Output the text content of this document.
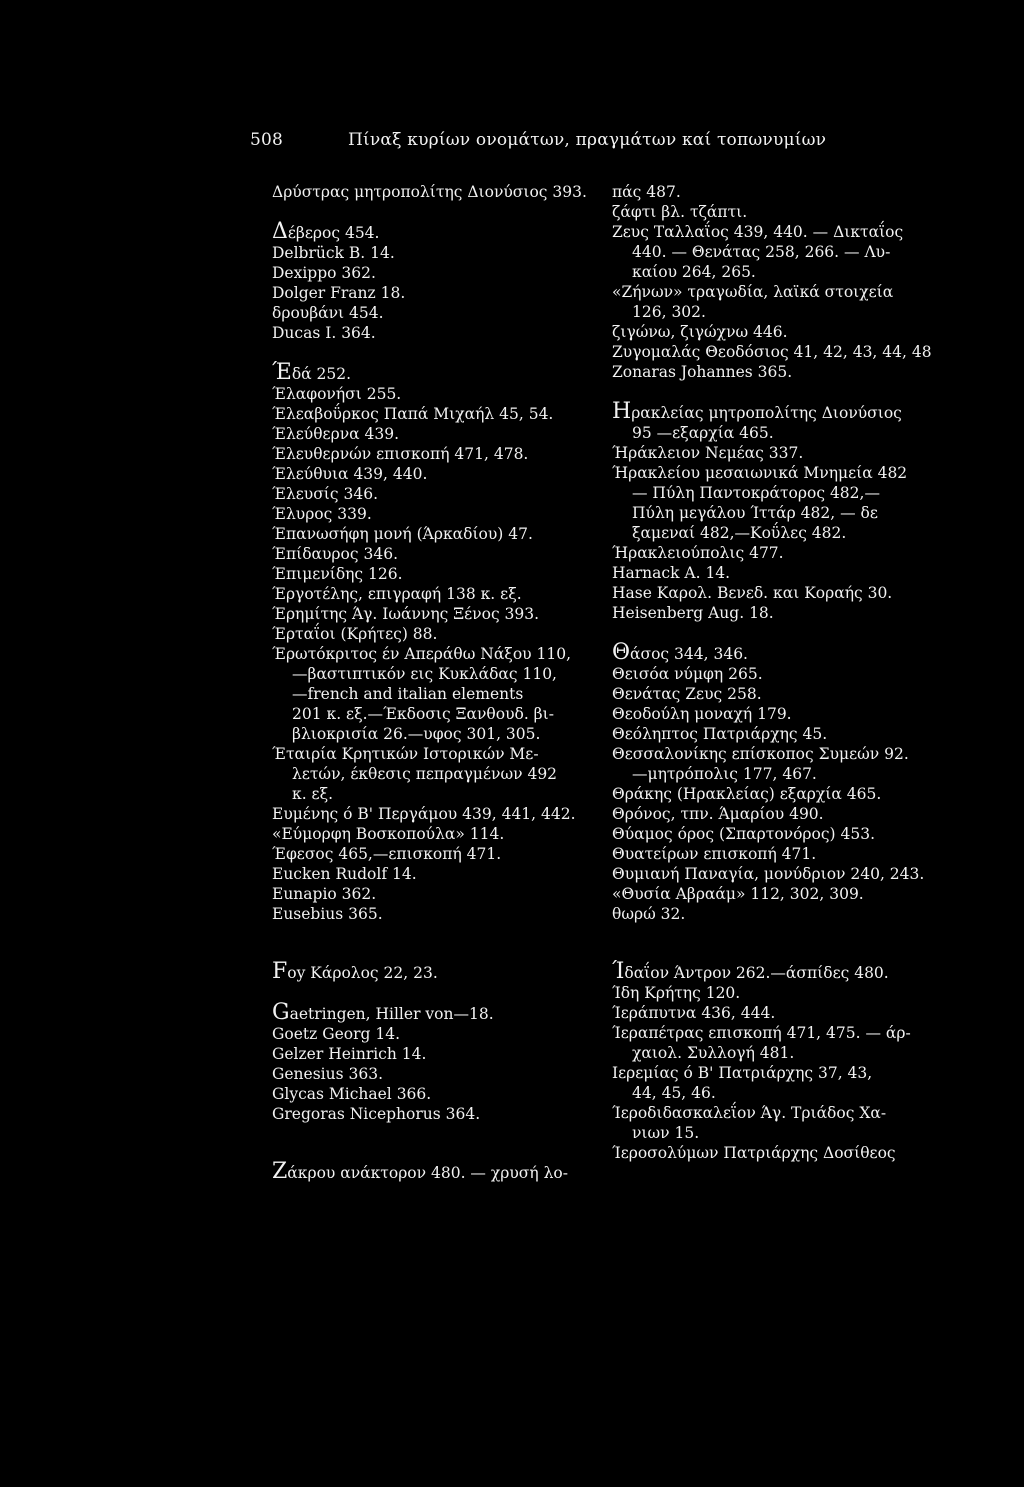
508	Πίναξ κυρίων ονομάτων, πραγμάτων καί τοπωνυμίων
Δρύστρας μητροπολίτης Διονύσιος 393.
Δέβερος 454.
Delbrück B. 14.
Dexippo 362.
Dolger Franz 18.
δρουβάνι 454.
Ducas I. 364.
Έδά 252.
Έλαφονήσι 255.
Έλεαβοΰρκος Παπά Μιχαήλ 45, 54.
Έλεύθερνα 439.
Έλευθερνών επισκοπή 471, 478.
Έλεύθυια 439, 440.
Έλευσίς 346.
Έλυρος 339.
Έπανωσήφη μονή (Άρκαδίου) 47.
Έπίδαυρος 346.
Έπιμενίδης 126.
Έργοτέλης, επιγραφή 138 κ. εξ.
Έρημίτης Άγ. Ιωάννης Ξένος 393.
Έρταΐοι (Κρήτες) 88.
Έρωτόκριτος έν Απεράθω Νάξου 110,
—βαστιπτικόν εις Κυκλάδας 110,
—french and italian elements
201 κ. εξ.—Έκδοσις Ξανθουδ. βι-
βλιοκρισία 26.—υφος 301, 305.
Έταιρία Κρητικών Ιστορικών Με-
λετών, έκθεσις πεπραγμένων 492
κ. εξ.
Ευμένης ό Β' Περγάμου 439, 441, 442.
«Εύμορφη Βοσκοπούλα» 114.
Έφεσος 465,—επισκοπή 471.
Eucken Rudolf 14.
Eunapio 362.
Eusebius 365.
Foy Κάρολος 22, 23.
Gaetringen, Hiller von—18.
Goetz Georg 14.
Gelzer Heinrich 14.
Genesius 363.
Glycas Michael 366.
Gregoras Nicephorus 364.
Ζάκρου ανάκτορον 480. — χρυσή λο-
πάς 487.
ζάφτι βλ. τζάπτι.
Ζευς Ταλλαΐος 439, 440. — Δικταΐος
440. — Θενάτας 258, 266. — Λυ-
καίου 264, 265.
«Ζήνων» τραγωδία, λαϊκά στοιχεία
126, 302.
ζιγώνω, ζιγώχνω 446.
Ζυγομαλάς Θεοδόσιος 41, 42, 43, 44, 48
Zonaras Johannes 365.
Ηρακλείας μητροπολίτης Διονύσιος
95 —εξαρχία 465.
Ήράκλειον Νεμέας 337.
Ήρακλείου μεσαιωνικά Μνημεία 482
— Πύλη Παντοκράτορος 482,—
Πύλη μεγάλου Ίττάρ 482, — δε
ξαμεναί 482,—Κοΰλες 482.
Ήρακλειούπολις 477.
Harnack A. 14.
Hase Καρολ. Βενεδ. και Κοραής 30.
Heisenberg Aug. 18.
Θάσος 344, 346.
Θεισόα νύμφη 265.
Θενάτας Ζευς 258.
Θεοδούλη μοναχή 179.
Θεόληπτος Πατριάρχης 45.
Θεσσαλονίκης επίσκοπος Συμεών 92.
—μητρόπολις 177, 467.
Θράκης (Ηρακλείας) εξαρχία 465.
Θρόνος, τπν. Άμαρίου 490.
Θύαμος όρος (Σπαρτονόρος) 453.
Θυατείρων επισκοπή 471.
Θυμιανή Παναγία, μονύδριον 240, 243.
«Θυσία Αβραάμ» 112, 302, 309.
θωρώ 32.
Ίδαΐον Άντρον 262.—άσπίδες 480.
Ίδη Κρήτης 120.
Ίεράπυτνα 436, 444.
Ίεραπέτρας επισκοπή 471, 475. — άρ-
χαιολ. Συλλογή 481.
Ιερεμίας ό Β' Πατριάρχης 37, 43,
44, 45, 46.
Ίεροδιδασκαλεΐον Άγ. Τριάδος Χα-
νιων 15.
Ίεροσολύμων Πατριάρχης Δοσίθεος
